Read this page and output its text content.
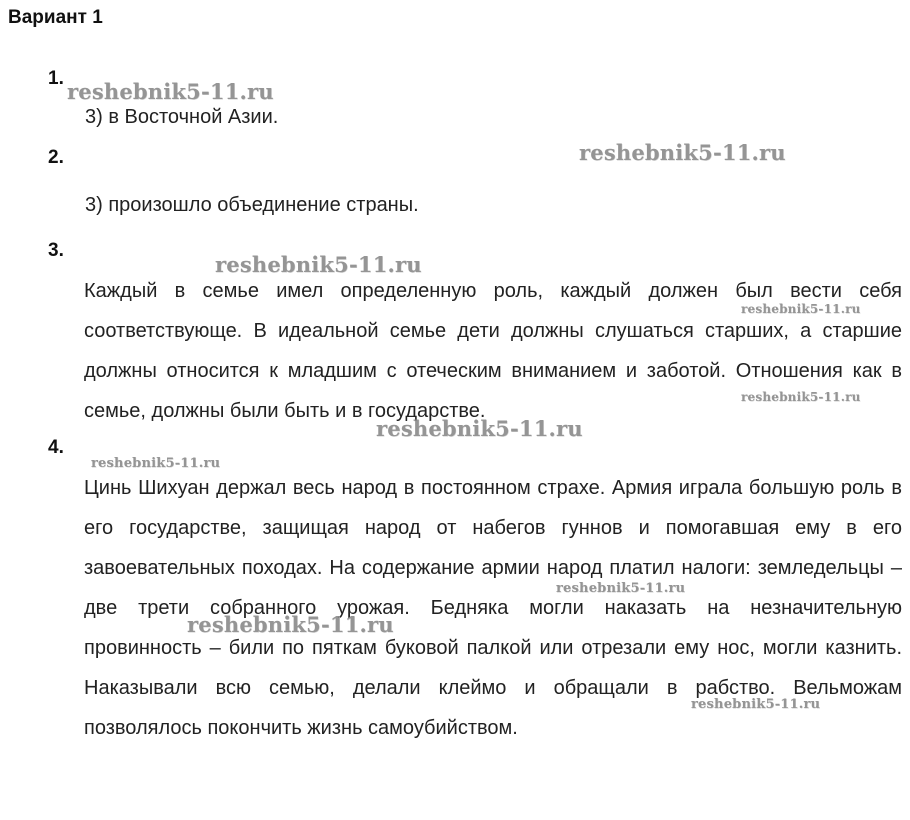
Вариант 1
1.
3) в Восточной Азии.
2.
3) произошло объединение страны.
3.
Каждый в семье имел определенную роль, каждый должен был вести себя соответствующе. В идеальной семье дети должны слушаться старших, а старшие должны относится к младшим с отеческим вниманием и заботой. Отношения как в семье, должны были быть и в государстве.
4.
Цинь Шихуан держал весь народ в постоянном страхе. Армия играла большую роль в его государстве, защищая народ от набегов гуннов и помогавшая ему в его завоевательных походах. На содержание армии народ платил налоги: земледельцы – две трети собранного урожая. Бедняка могли наказать на незначительную провинность – били по пяткам буковой палкой или отрезали ему нос, могли казнить. Наказывали всю семью, делали клеймо и обращали в рабство. Вельможам позволялось покончить жизнь самоубийством.
reshebnik5-11.ru
reshebnik5-11.ru
reshebnik5-11.ru
reshebnik5-11.ru
reshebnik5-11.ru
reshebnik5-11.ru
reshebnik5-11.ru
reshebnik5-11.ru
reshebnik5-11.ru
reshebnik5-11.ru
